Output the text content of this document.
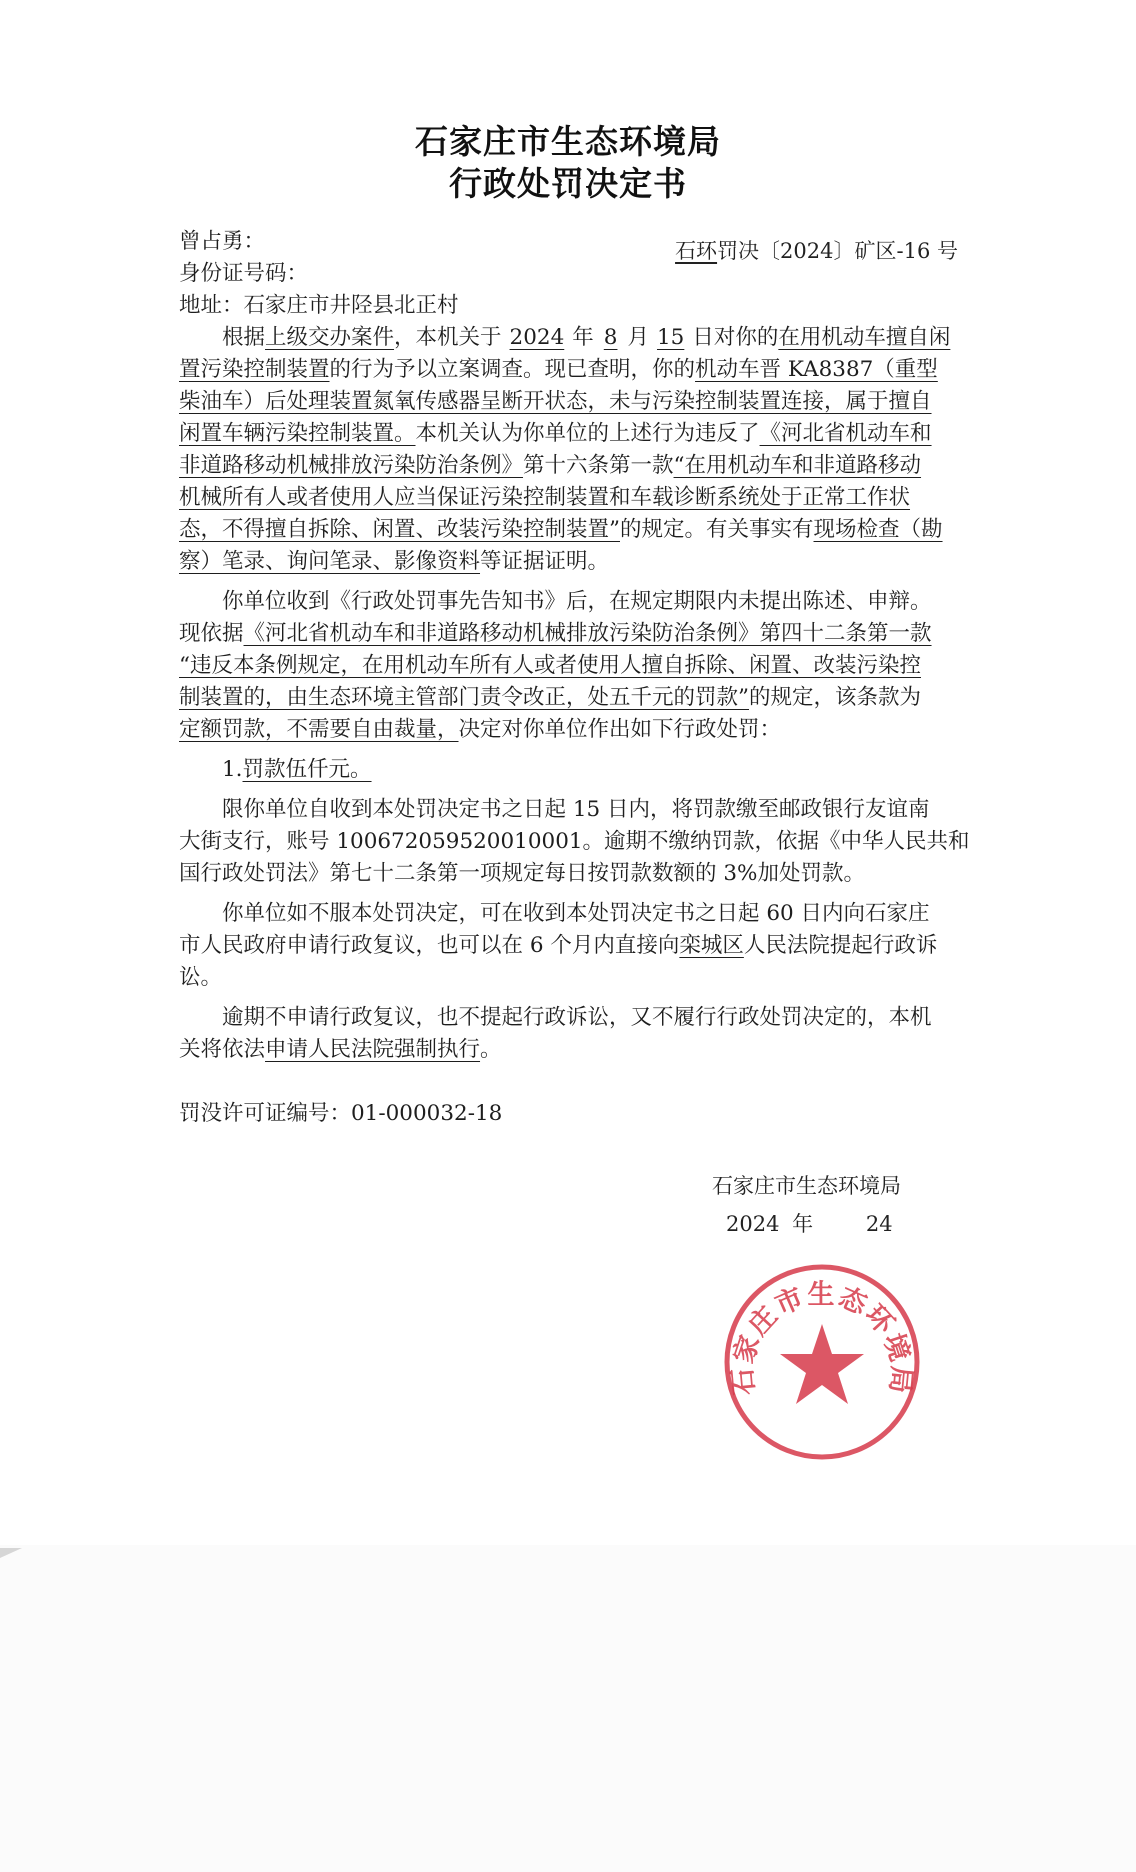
石家庄市生态环境局
行政处罚决定书
石环罚决〔2024〕矿区-16 号
曾占勇：
身份证号码：
地址：石家庄市井陉县北正村
根据上级交办案件，本机关于 2024 年 8 月 15 日对你的在用机动车擅自闲
置污染控制装置的行为予以立案调查。现已查明，你的机动车晋 KA8387（重型
柴油车）后处理装置氮氧传感器呈断开状态，未与污染控制装置连接，属于擅自
闲置车辆污染控制装置。本机关认为你单位的上述行为违反了《河北省机动车和
非道路移动机械排放污染防治条例》第十六条第一款“在用机动车和非道路移动
机械所有人或者使用人应当保证污染控制装置和车载诊断系统处于正常工作状
态，不得擅自拆除、闲置、改装污染控制装置”的规定。有关事实有现场检查（勘
察）笔录、询问笔录、影像资料等证据证明。
你单位收到《行政处罚事先告知书》后，在规定期限内未提出陈述、申辩。
现依据《河北省机动车和非道路移动机械排放污染防治条例》第四十二条第一款
“违反本条例规定，在用机动车所有人或者使用人擅自拆除、闲置、改装污染控
制装置的，由生态环境主管部门责令改正，处五千元的罚款”的规定，该条款为
定额罚款，不需要自由裁量，决定对你单位作出如下行政处罚：
1.罚款伍仟元。
限你单位自收到本处罚决定书之日起 15 日内，将罚款缴至邮政银行友谊南
大街支行，账号 100672059520010001。逾期不缴纳罚款，依据《中华人民共和
国行政处罚法》第七十二条第一项规定每日按罚款数额的 3%加处罚款。
你单位如不服本处罚决定，可在收到本处罚决定书之日起 60 日内向石家庄
市人民政府申请行政复议，也可以在 6 个月内直接向栾城区人民法院提起行政诉
讼。
逾期不申请行政复议，也不提起行政诉讼，又不履行行政处罚决定的，本机
关将依法申请人民法院强制执行。
罚没许可证编号：01-000032-18
石家庄市生态环境局
2024 年	24
石家庄市生态环境局
